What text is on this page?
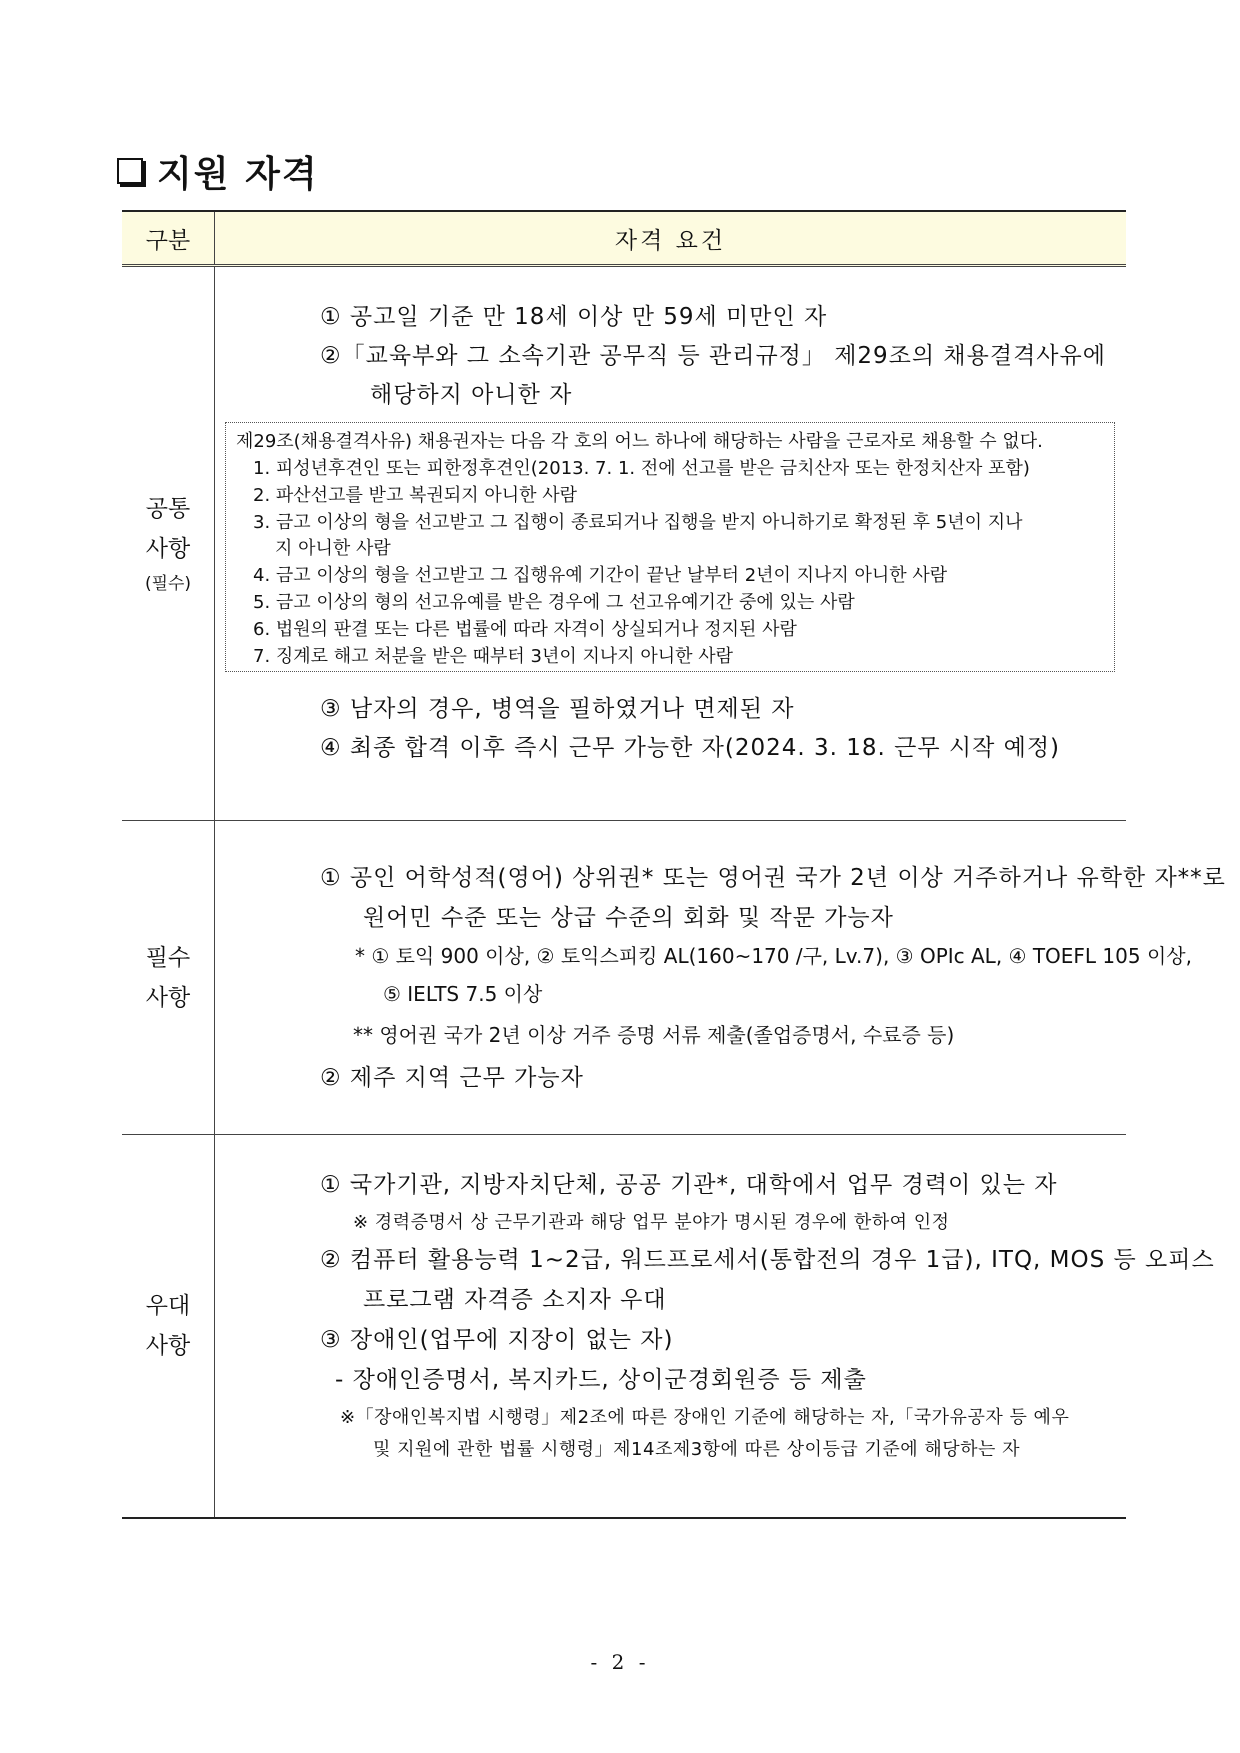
지원 자격
구분	자격 요건
공통
사항
(필수)
① 공고일 기준 만 18세 이상 만 59세 미만인 자
②「교육부와 그 소속기관 공무직 등 관리규정」 제29조의 채용결격사유에
해당하지 아니한 자
제29조(채용결격사유) 채용권자는 다음 각 호의 어느 하나에 해당하는 사람을 근로자로 채용할 수 없다.
1. 피성년후견인 또는 피한정후견인(2013. 7. 1. 전에 선고를 받은 금치산자 또는 한정치산자 포함)
2. 파산선고를 받고 복권되지 아니한 사람
3. 금고 이상의 형을 선고받고 그 집행이 종료되거나 집행을 받지 아니하기로 확정된 후 5년이 지나
지 아니한 사람
4. 금고 이상의 형을 선고받고 그 집행유예 기간이 끝난 날부터 2년이 지나지 아니한 사람
5. 금고 이상의 형의 선고유예를 받은 경우에 그 선고유예기간 중에 있는 사람
6. 법원의 판결 또는 다른 법률에 따라 자격이 상실되거나 정지된 사람
7. 징계로 해고 처분을 받은 때부터 3년이 지나지 아니한 사람
③ 남자의 경우, 병역을 필하였거나 면제된 자
④ 최종 합격 이후 즉시 근무 가능한 자(2024. 3. 18. 근무 시작 예정)
필수
사항
① 공인 어학성적(영어) 상위권* 또는 영어권 국가 2년 이상 거주하거나 유학한 자**로
원어민 수준 또는 상급 수준의 회화 및 작문 가능자
* ① 토익 900 이상, ② 토익스피킹 AL(160~170 /구, Lv.7), ③ OPIc AL, ④ TOEFL 105 이상,
⑤ IELTS 7.5 이상
** 영어권 국가 2년 이상 거주 증명 서류 제출(졸업증명서, 수료증 등)
② 제주 지역 근무 가능자
우대
사항
① 국가기관, 지방자치단체, 공공 기관*, 대학에서 업무 경력이 있는 자
※ 경력증명서 상 근무기관과 해당 업무 분야가 명시된 경우에 한하여 인정
② 컴퓨터 활용능력 1~2급, 워드프로세서(통합전의 경우 1급), ITQ, MOS 등 오피스
프로그램 자격증 소지자 우대
③ 장애인(업무에 지장이 없는 자)
- 장애인증명서, 복지카드, 상이군경회원증 등 제출
※「장애인복지법 시행령」제2조에 따른 장애인 기준에 해당하는 자,「국가유공자 등 예우
및 지원에 관한 법률 시행령」제14조제3항에 따른 상이등급 기준에 해당하는 자
- 2 -
